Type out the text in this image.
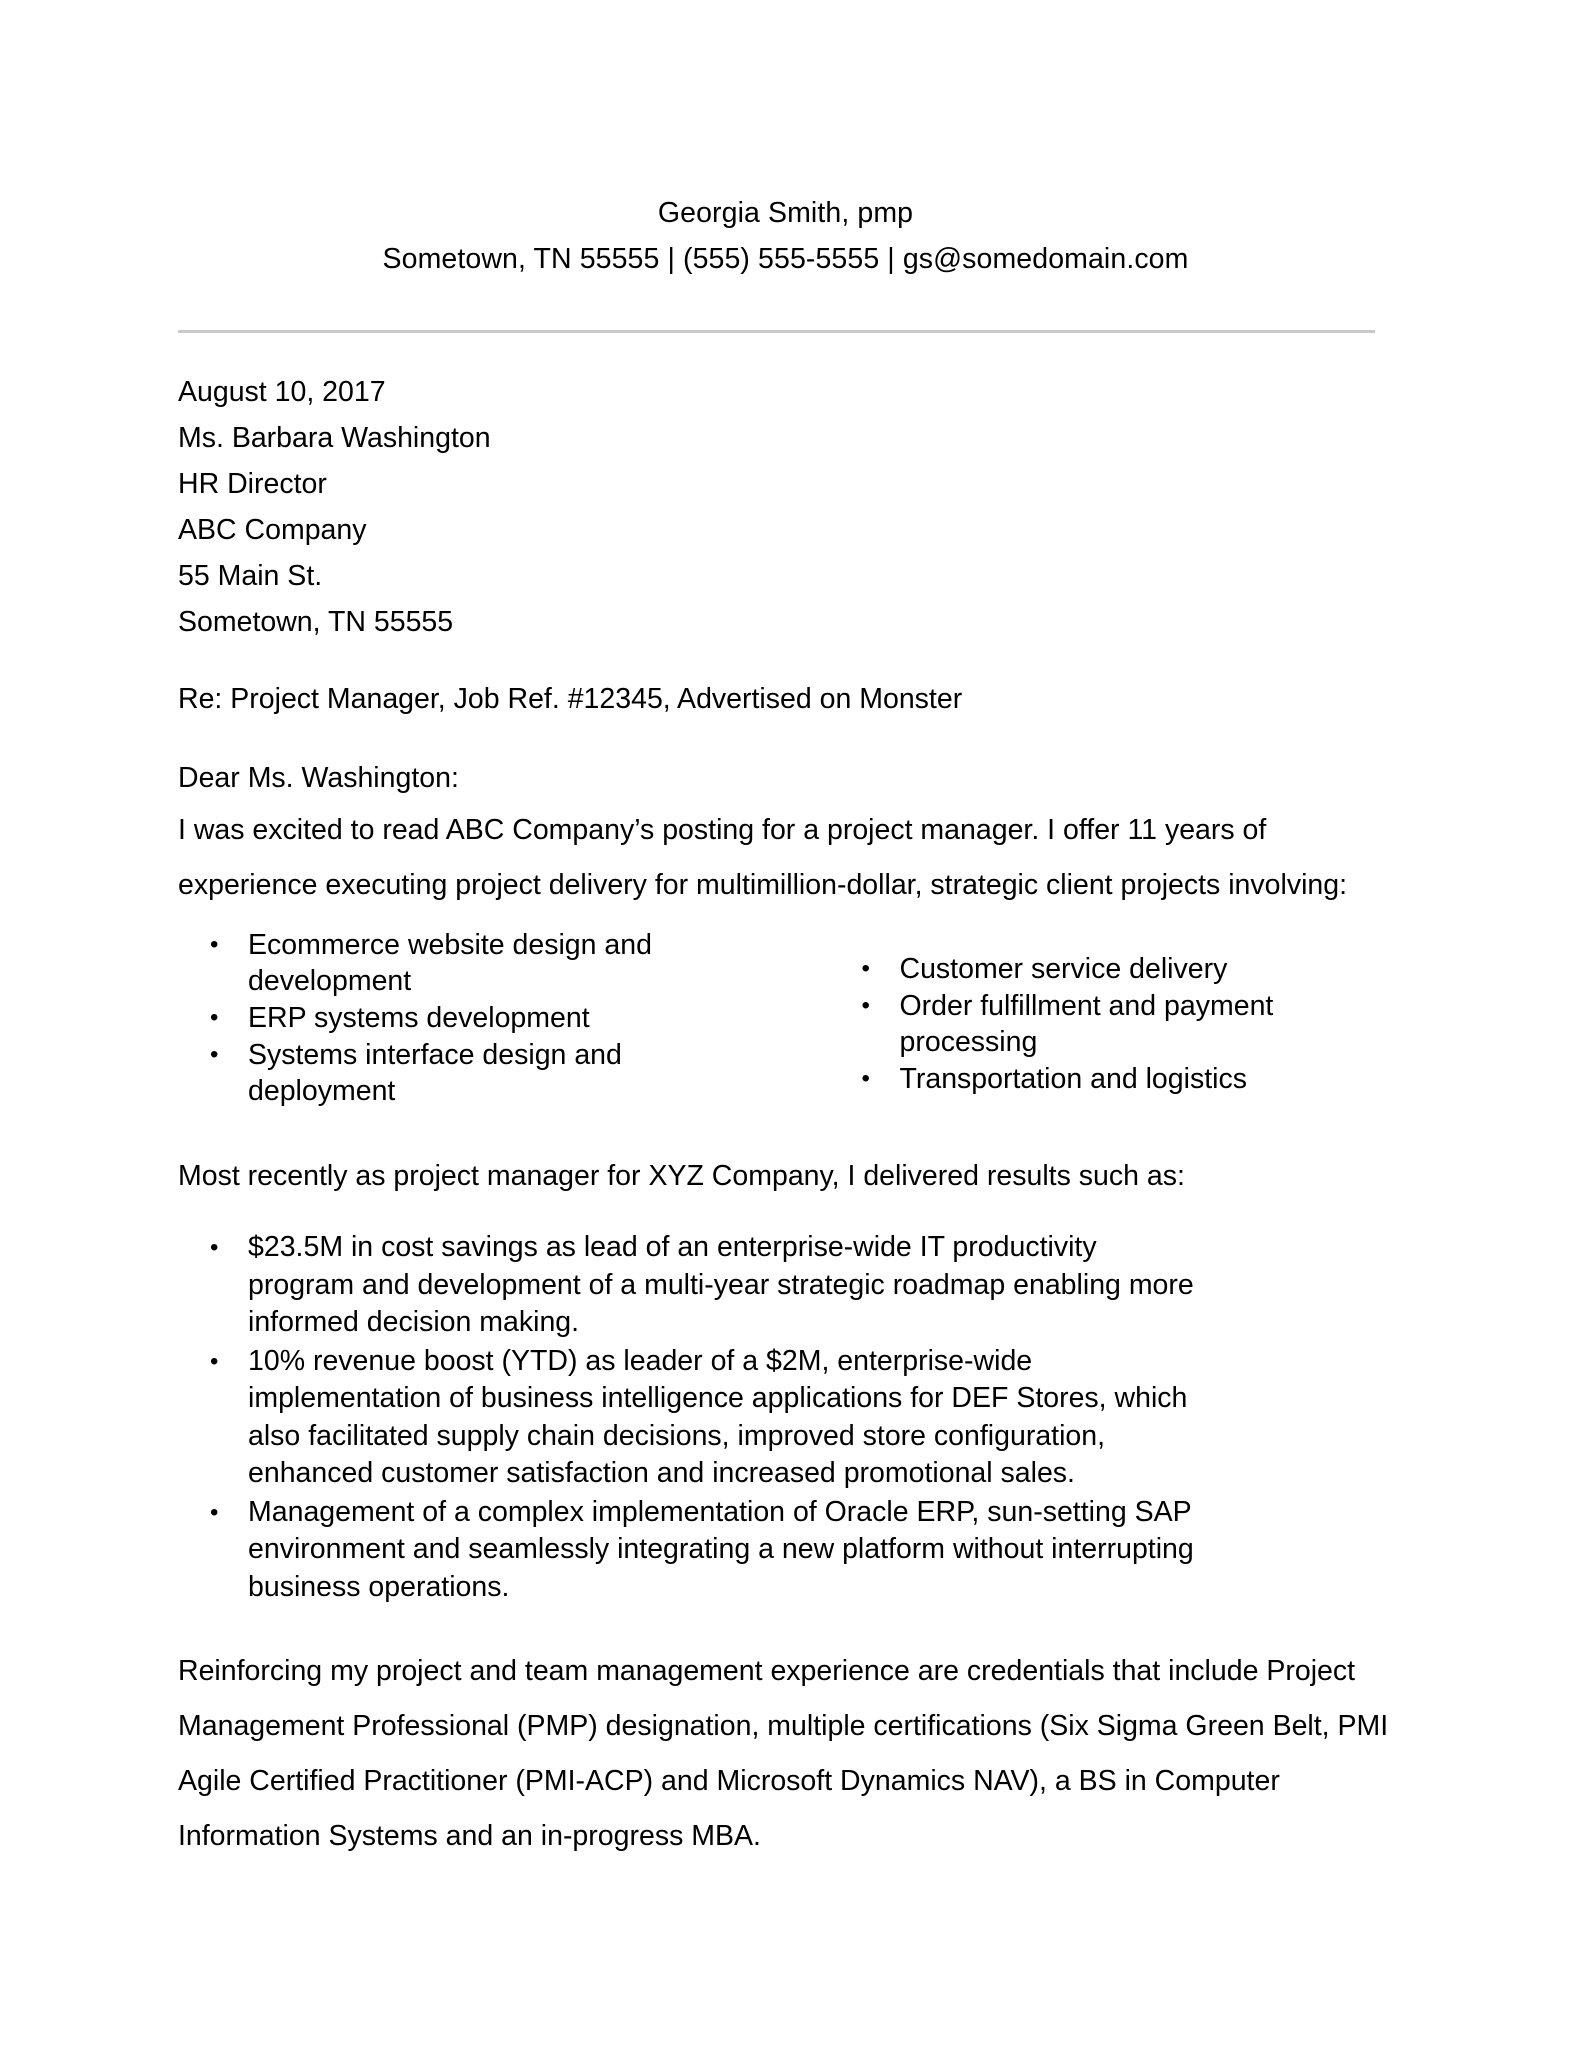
Georgia Smith, pmp
Sometown, TN 55555 | (555) 555-5555 | gs@somedomain.com
August 10, 2017
Ms. Barbara Washington
HR Director
ABC Company
55 Main St.
Sometown, TN 55555

Re: Project Manager, Job Ref. #12345, Advertised on Monster

Dear Ms. Washington:

I was excited to read ABC Company’s posting for a project manager. I offer 11 years of experience executing project delivery for multimillion-dollar, strategic client projects involving:

• Ecommerce website design and development
• ERP systems development
• Systems interface design and deployment
• Customer service delivery
• Order fulfillment and payment processing
• Transportation and logistics

Most recently as project manager for XYZ Company, I delivered results such as:

• $23.5M in cost savings as lead of an enterprise-wide IT productivity program and development of a multi-year strategic roadmap enabling more informed decision making.
• 10% revenue boost (YTD) as leader of a $2M, enterprise-wide implementation of business intelligence applications for DEF Stores, which also facilitated supply chain decisions, improved store configuration, enhanced customer satisfaction and increased promotional sales.
• Management of a complex implementation of Oracle ERP, sun-setting SAP environment and seamlessly integrating a new platform without interrupting business operations.

Reinforcing my project and team management experience are credentials that include Project Management Professional (PMP) designation, multiple certifications (Six Sigma Green Belt, PMI Agile Certified Practitioner (PMI-ACP) and Microsoft Dynamics NAV), a BS in Computer Information Systems and an in-progress MBA.
